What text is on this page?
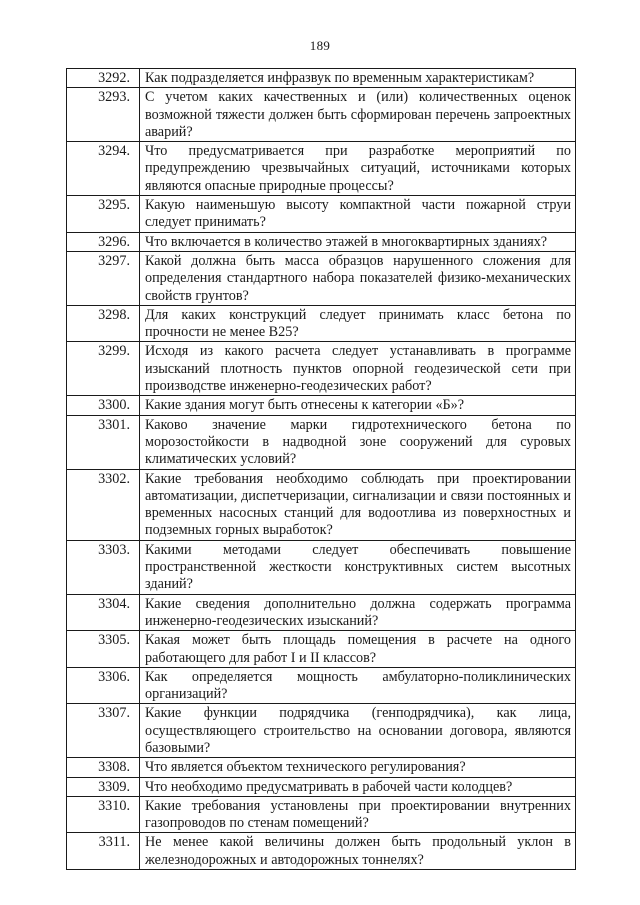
189
3292.	Как подразделяется инфразвук по временным характеристикам?
3293.	С учетом каких качественных и (или) количественных оценок возможной тяжести должен быть сформирован перечень запроектных аварий?
3294.	Что предусматривается при разработке мероприятий по предупреждению чрезвычайных ситуаций, источниками которых являются опасные природные процессы?
3295.	Какую наименьшую высоту компактной части пожарной струи следует принимать?
3296.	Что включается в количество этажей в многоквартирных зданиях?
3297.	Какой должна быть масса образцов нарушенного сложения для определения стандартного набора показателей физико-механических свойств грунтов?
3298.	Для каких конструкций следует принимать класс бетона по прочности не менее В25?
3299.	Исходя из какого расчета следует устанавливать в программе изысканий плотность пунктов опорной геодезической сети при производстве инженерно-геодезических работ?
3300.	Какие здания могут быть отнесены к категории «Б»?
3301.	Каково значение марки гидротехнического бетона по морозостойкости в надводной зоне сооружений для суровых климатических условий?
3302.	Какие требования необходимо соблюдать при проектировании автоматизации, диспетчеризации, сигнализации и связи постоянных и временных насосных станций для водоотлива из поверхностных и подземных горных выработок?
3303.	Какими методами следует обеспечивать повышение пространственной жесткости конструктивных систем высотных зданий?
3304.	Какие сведения дополнительно должна содержать программа инженерно-геодезических изысканий?
3305.	Какая может быть площадь помещения в расчете на одного работающего для работ I и II классов?
3306.	Как определяется мощность амбулаторно-поликлинических организаций?
3307.	Какие функции подрядчика (генподрядчика), как лица, осуществляющего строительство на основании договора, являются базовыми?
3308.	Что является объектом технического регулирования?
3309.	Что необходимо предусматривать в рабочей части колодцев?
3310.	Какие требования установлены при проектировании внутренних газопроводов по стенам помещений?
3311.	Не менее какой величины должен быть продольный уклон в железнодорожных и автодорожных тоннелях?
